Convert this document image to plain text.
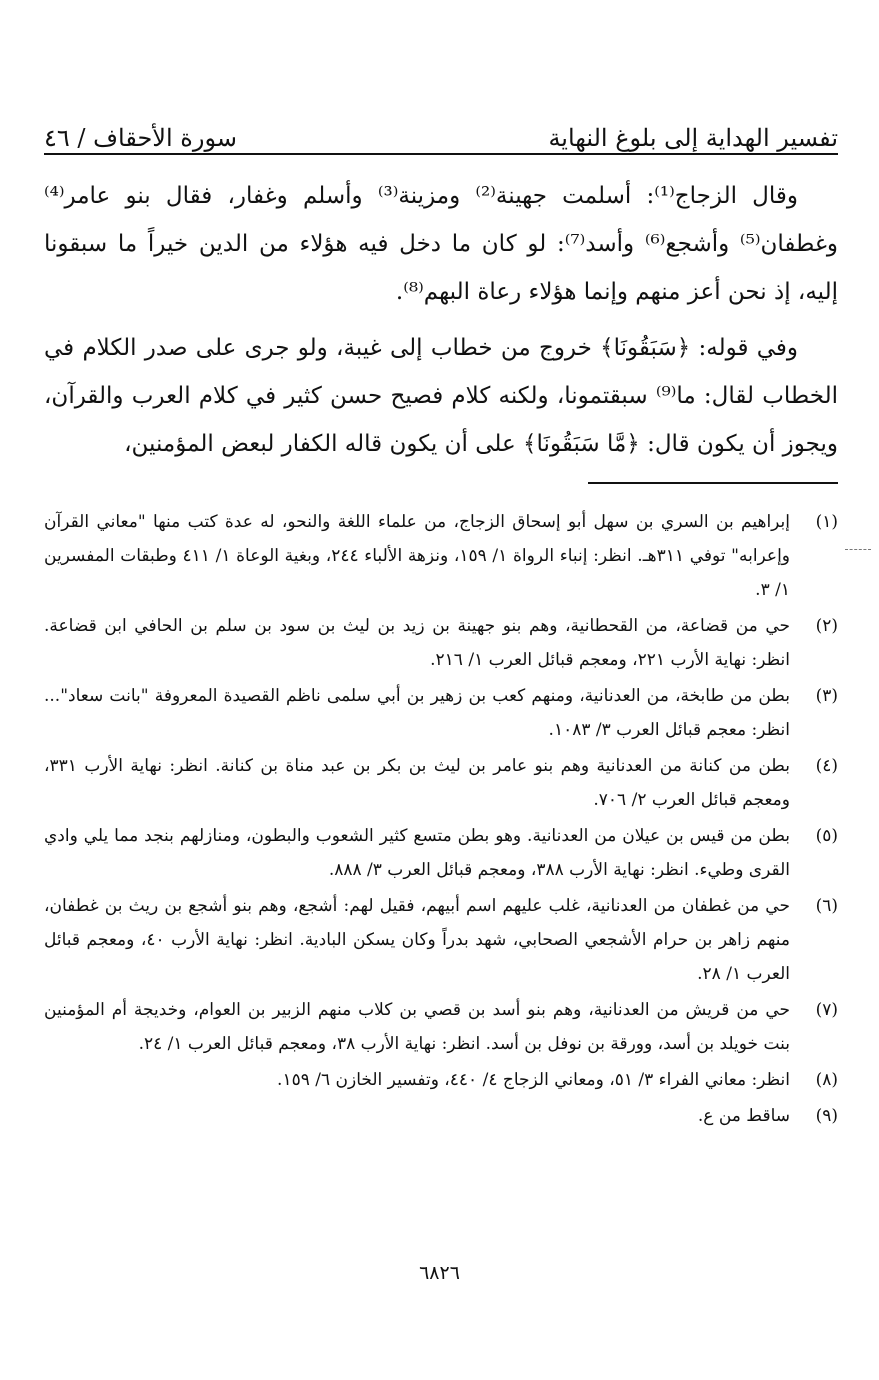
تفسير الهداية إلى بلوغ النهاية
سورة الأحقاف / ٤٦

وقال الزجاج⁽¹⁾: أسلمت جهينة⁽²⁾ ومزينة⁽³⁾ وأسلم وغفار، فقال بنو عامر⁽⁴⁾ وغطفان⁽⁵⁾ وأشجع⁽⁶⁾ وأسد⁽⁷⁾: لو كان ما دخل فيه هؤلاء من الدين خيراً ما سبقونا إليه، إذ نحن أعز منهم وإنما هؤلاء رعاة البهم⁽⁸⁾.

وفي قوله: ﴿سَبَقُونَا﴾ خروج من خطاب إلى غيبة، ولو جرى على صدر الكلام في الخطاب لقال: ما⁽⁹⁾ سبقتمونا، ولكنه كلام فصيح حسن كثير في كلام العرب والقرآن، ويجوز أن يكون قال: ﴿مَّا سَبَقُونَا﴾ على أن يكون قاله الكفار لبعض المؤمنين،

(١)
إبراهيم بن السري بن سهل أبو إسحاق الزجاج، من علماء اللغة والنحو، له عدة كتب منها "معاني القرآن وإعرابه" توفي ٣١١هـ. انظر: إنباء الرواة ١/ ١٥٩، ونزهة الألباء ٢٤٤، وبغية الوعاة ١/ ٤١١ وطبقات المفسرين ١/ ٣.
(٢)
حي من قضاعة، من القحطانية، وهم بنو جهينة بن زيد بن ليث بن سود بن سلم بن الحافي ابن قضاعة. انظر: نهاية الأرب ٢٢١، ومعجم قبائل العرب ١/ ٢١٦.
(٣)
بطن من طابخة، من العدنانية، ومنهم كعب بن زهير بن أبي سلمى ناظم القصيدة المعروفة "بانت سعاد"... انظر: معجم قبائل العرب ٣/ ١٠٨٣.
(٤)
بطن من كنانة من العدنانية وهم بنو عامر بن ليث بن بكر بن عبد مناة بن كنانة. انظر: نهاية الأرب ٣٣١، ومعجم قبائل العرب ٢/ ٧٠٦.
(٥)
بطن من قيس بن عيلان من العدنانية. وهو بطن متسع كثير الشعوب والبطون، ومنازلهم بنجد مما يلي وادي القرى وطيء. انظر: نهاية الأرب ٣٨٨، ومعجم قبائل العرب ٣/ ٨٨٨.
(٦)
حي من غطفان من العدنانية، غلب عليهم اسم أبيهم، فقيل لهم: أشجع، وهم بنو أشجع بن ريث بن غطفان، منهم زاهر بن حرام الأشجعي الصحابي، شهد بدراً وكان يسكن البادية. انظر: نهاية الأرب ٤٠، ومعجم قبائل العرب ١/ ٢٨.
(٧)
حي من قريش من العدنانية، وهم بنو أسد بن قصي بن كلاب منهم الزبير بن العوام، وخديجة أم المؤمنين بنت خويلد بن أسد، وورقة بن نوفل بن أسد. انظر: نهاية الأرب ٣٨، ومعجم قبائل العرب ١/ ٢٤.
(٨)
انظر: معاني الفراء ٣/ ٥١، ومعاني الزجاج ٤/ ٤٤٠، وتفسير الخازن ٦/ ١٥٩.
(٩)
ساقط من ع.
٦٨٢٦
